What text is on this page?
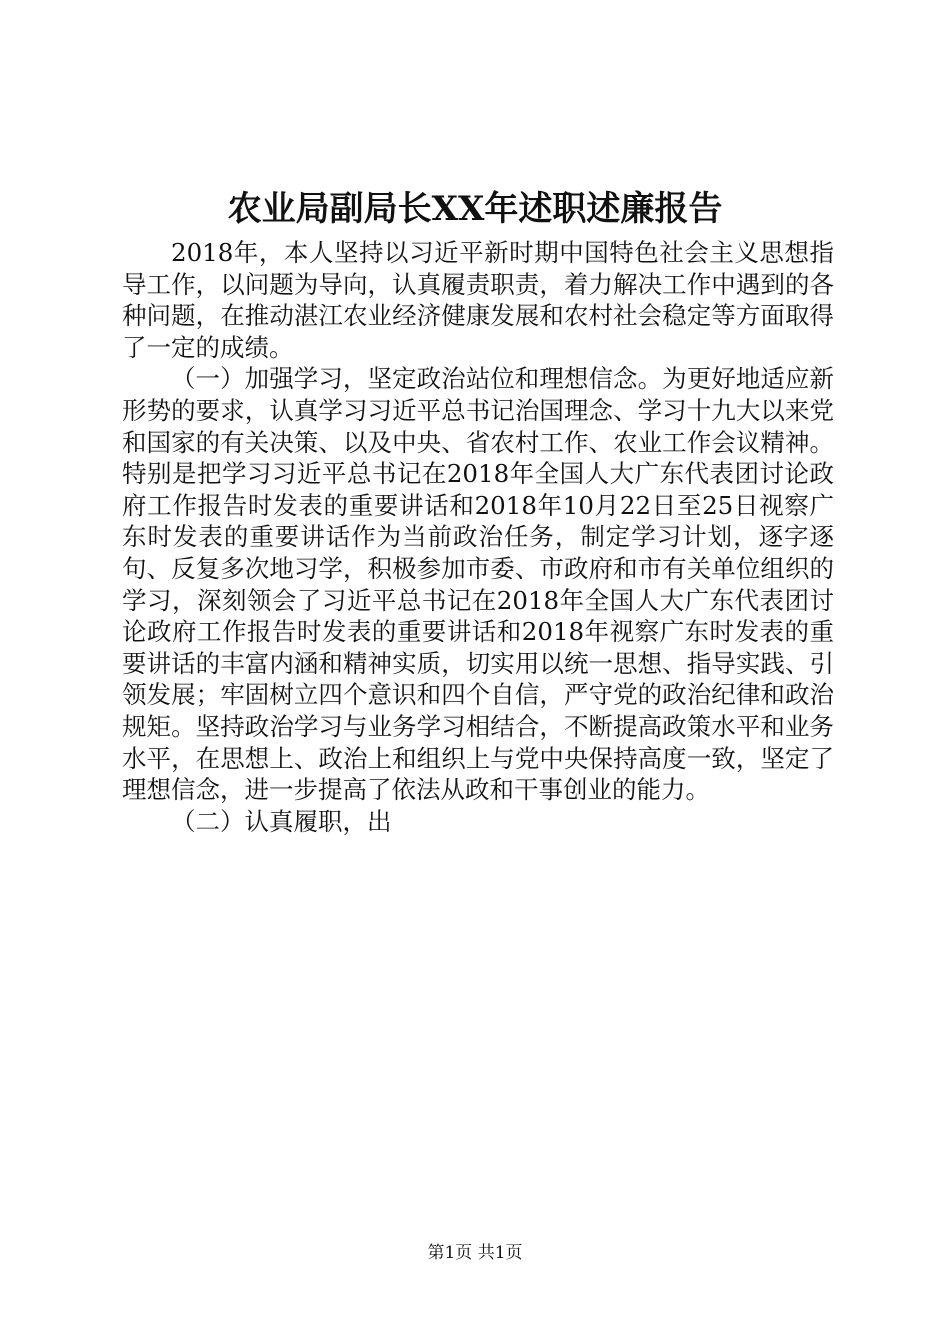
农业局副局长XX年述职述廉报告

2018年，本人坚持以习近平新时期中国特色社会主义思想指导工作，以问题为导向，认真履责职责，着力解决工作中遇到的各种问题，在推动湛江农业经济健康发展和农村社会稳定等方面取得了一定的成绩。

（一）加强学习，坚定政治站位和理想信念。为更好地适应新形势的要求，认真学习习近平总书记治国理念、学习十九大以来党和国家的有关决策、以及中央、省农村工作、农业工作会议精神。特别是把学习习近平总书记在2018年全国人大广东代表团讨论政府工作报告时发表的重要讲话和2018年10月22日至25日视察广东时发表的重要讲话作为当前政治任务，制定学习计划，逐字逐句、反复多次地习学，积极参加市委、市政府和市有关单位组织的学习，深刻领会了习近平总书记在2018年全国人大广东代表团讨论政府工作报告时发表的重要讲话和2018年视察广东时发表的重要讲话的丰富内涵和精神实质，切实用以统一思想、指导实践、引领发展；牢固树立四个意识和四个自信，严守党的政治纪律和政治规矩。坚持政治学习与业务学习相结合，不断提高政策水平和业务水平，在思想上、政治上和组织上与党中央保持高度一致，坚定了理想信念，进一步提高了依法从政和干事创业的能力。

（二）认真履职，出

第1页 共1页
